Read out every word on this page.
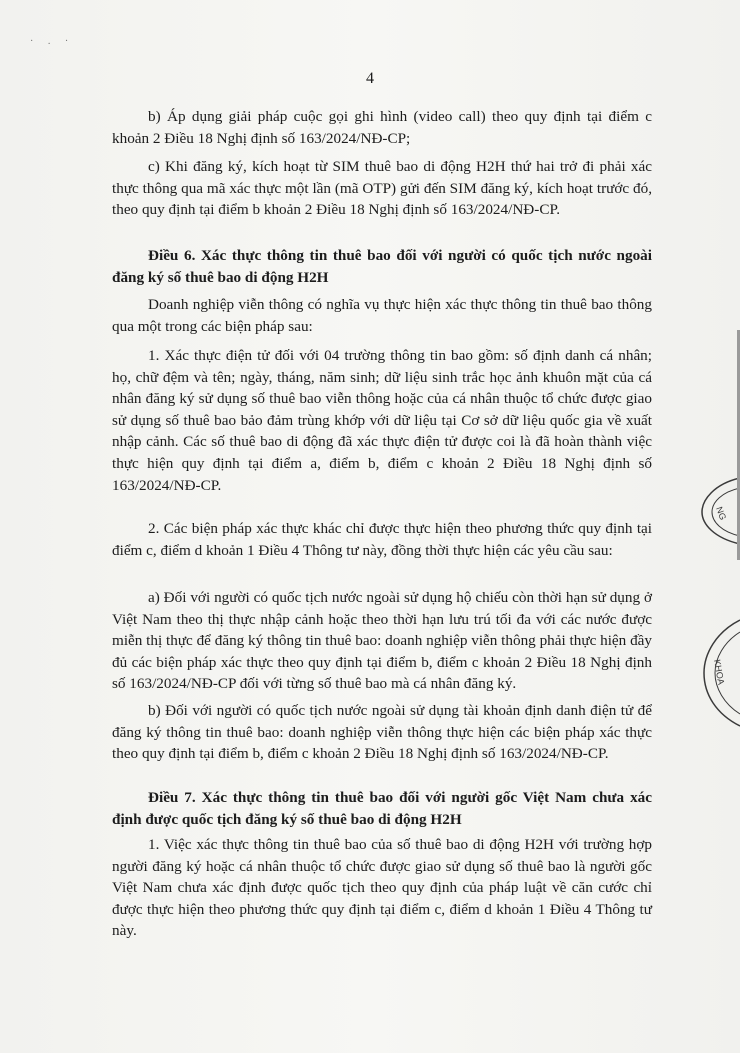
· . ·
4

b) Áp dụng giải pháp cuộc gọi ghi hình (video call) theo quy định tại điểm c khoản 2 Điều 18 Nghị định số 163/2024/NĐ-CP;

c) Khi đăng ký, kích hoạt từ SIM thuê bao di động H2H thứ hai trở đi phải xác thực thông qua mã xác thực một lần (mã OTP) gửi đến SIM đăng ký, kích hoạt trước đó, theo quy định tại điểm b khoản 2 Điều 18 Nghị định số 163/2024/NĐ-CP.

Điều 6. Xác thực thông tin thuê bao đối với người có quốc tịch nước ngoài đăng ký số thuê bao di động H2H

Doanh nghiệp viễn thông có nghĩa vụ thực hiện xác thực thông tin thuê bao thông qua một trong các biện pháp sau:

1. Xác thực điện tử đối với 04 trường thông tin bao gồm: số định danh cá nhân; họ, chữ đệm và tên; ngày, tháng, năm sinh; dữ liệu sinh trắc học ảnh khuôn mặt của cá nhân đăng ký sử dụng số thuê bao viễn thông hoặc của cá nhân thuộc tổ chức được giao sử dụng số thuê bao bảo đảm trùng khớp với dữ liệu tại Cơ sở dữ liệu quốc gia về xuất nhập cảnh. Các số thuê bao di động đã xác thực điện tử được coi là đã hoàn thành việc thực hiện quy định tại điểm a, điểm b, điểm c khoản 2 Điều 18 Nghị định số 163/2024/NĐ-CP.

2. Các biện pháp xác thực khác chỉ được thực hiện theo phương thức quy định tại điểm c, điểm d khoản 1 Điều 4 Thông tư này, đồng thời thực hiện các yêu cầu sau:

a) Đối với người có quốc tịch nước ngoài sử dụng hộ chiếu còn thời hạn sử dụng ở Việt Nam theo thị thực nhập cảnh hoặc theo thời hạn lưu trú tối đa với các nước được miễn thị thực để đăng ký thông tin thuê bao: doanh nghiệp viễn thông phải thực hiện đầy đủ các biện pháp xác thực theo quy định tại điểm b, điểm c khoản 2 Điều 18 Nghị định số 163/2024/NĐ-CP đối với từng số thuê bao mà cá nhân đăng ký.

b) Đối với người có quốc tịch nước ngoài sử dụng tài khoản định danh điện tử để đăng ký thông tin thuê bao: doanh nghiệp viễn thông thực hiện các biện pháp xác thực theo quy định tại điểm b, điểm c khoản 2 Điều 18 Nghị định số 163/2024/NĐ-CP.

Điều 7. Xác thực thông tin thuê bao đối với người gốc Việt Nam chưa xác định được quốc tịch đăng ký số thuê bao di động H2H

1. Việc xác thực thông tin thuê bao của số thuê bao di động H2H với trường hợp người đăng ký hoặc cá nhân thuộc tổ chức được giao sử dụng số thuê bao là người gốc Việt Nam chưa xác định được quốc tịch theo quy định của pháp luật về căn cước chỉ được thực hiện theo phương thức quy định tại điểm c, điểm d khoản 1 Điều 4 Thông tư này.

NG
KHOA
